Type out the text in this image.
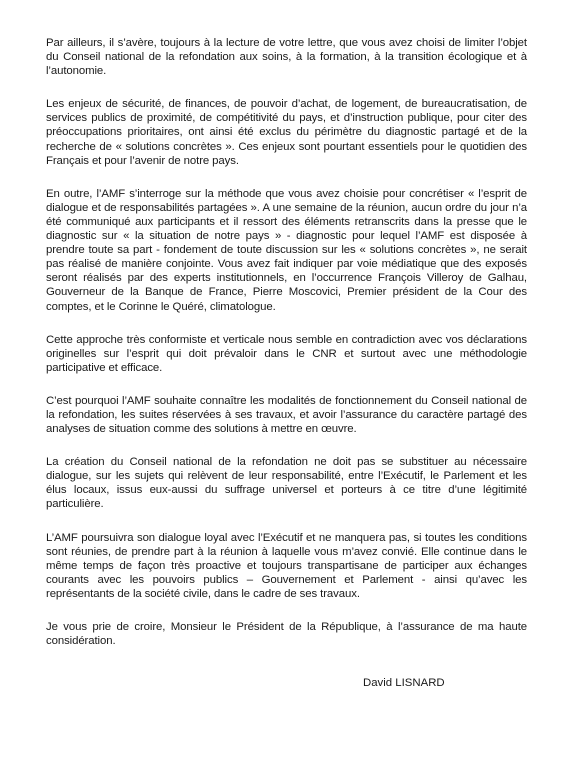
Par ailleurs, il s’avère, toujours à la lecture de votre lettre, que vous avez choisi de limiter l’objet du Conseil national de la refondation aux soins, à la formation, à la transition écologique et à l’autonomie.

Les enjeux de sécurité, de finances, de pouvoir d’achat, de logement, de bureaucratisation, de services publics de proximité, de compétitivité du pays, et d’instruction publique, pour citer des préoccupations prioritaires, ont ainsi été exclus du périmètre du diagnostic partagé et de la recherche de « solutions concrètes ». Ces enjeux sont pourtant essentiels pour le quotidien des Français et pour l’avenir de notre pays.

En outre, l’AMF s’interroge sur la méthode que vous avez choisie pour concrétiser « l’esprit de dialogue et de responsabilités partagées ». A une semaine de la réunion, aucun ordre du jour n’a été communiqué aux participants et il ressort des éléments retranscrits dans la presse que le diagnostic sur « la situation de notre pays » - diagnostic pour lequel l’AMF est disposée à prendre toute sa part - fondement de toute discussion sur les « solutions concrètes », ne serait pas réalisé de manière conjointe. Vous avez fait indiquer par voie médiatique que des exposés seront réalisés par des experts institutionnels, en l’occurrence François Villeroy de Galhau, Gouverneur de la Banque de France, Pierre Moscovici, Premier président de la Cour des comptes, et le Corinne le Quéré, climatologue.

Cette approche très conformiste et verticale nous semble en contradiction avec vos déclarations originelles sur l’esprit qui doit prévaloir dans le CNR et surtout avec une méthodologie participative et efficace.

C’est pourquoi l’AMF souhaite connaître les modalités de fonctionnement du Conseil national de la refondation, les suites réservées à ses travaux, et avoir l’assurance du caractère partagé des analyses de situation comme des solutions à mettre en œuvre.

La création du Conseil national de la refondation ne doit pas se substituer au nécessaire dialogue, sur les sujets qui relèvent de leur responsabilité, entre l’Exécutif, le Parlement et les élus locaux, issus eux-aussi du suffrage universel et porteurs à ce titre d’une légitimité particulière.

L’AMF poursuivra son dialogue loyal avec l’Exécutif et ne manquera pas, si toutes les conditions sont réunies, de prendre part à la réunion à laquelle vous m’avez convié. Elle continue dans le même temps de façon très proactive et toujours transpartisane de participer aux échanges courants avec les pouvoirs publics – Gouvernement et Parlement - ainsi qu’avec les représentants de la société civile, dans le cadre de ses travaux.

Je vous prie de croire, Monsieur le Président de la République, à l’assurance de ma haute considération.

David LISNARD
